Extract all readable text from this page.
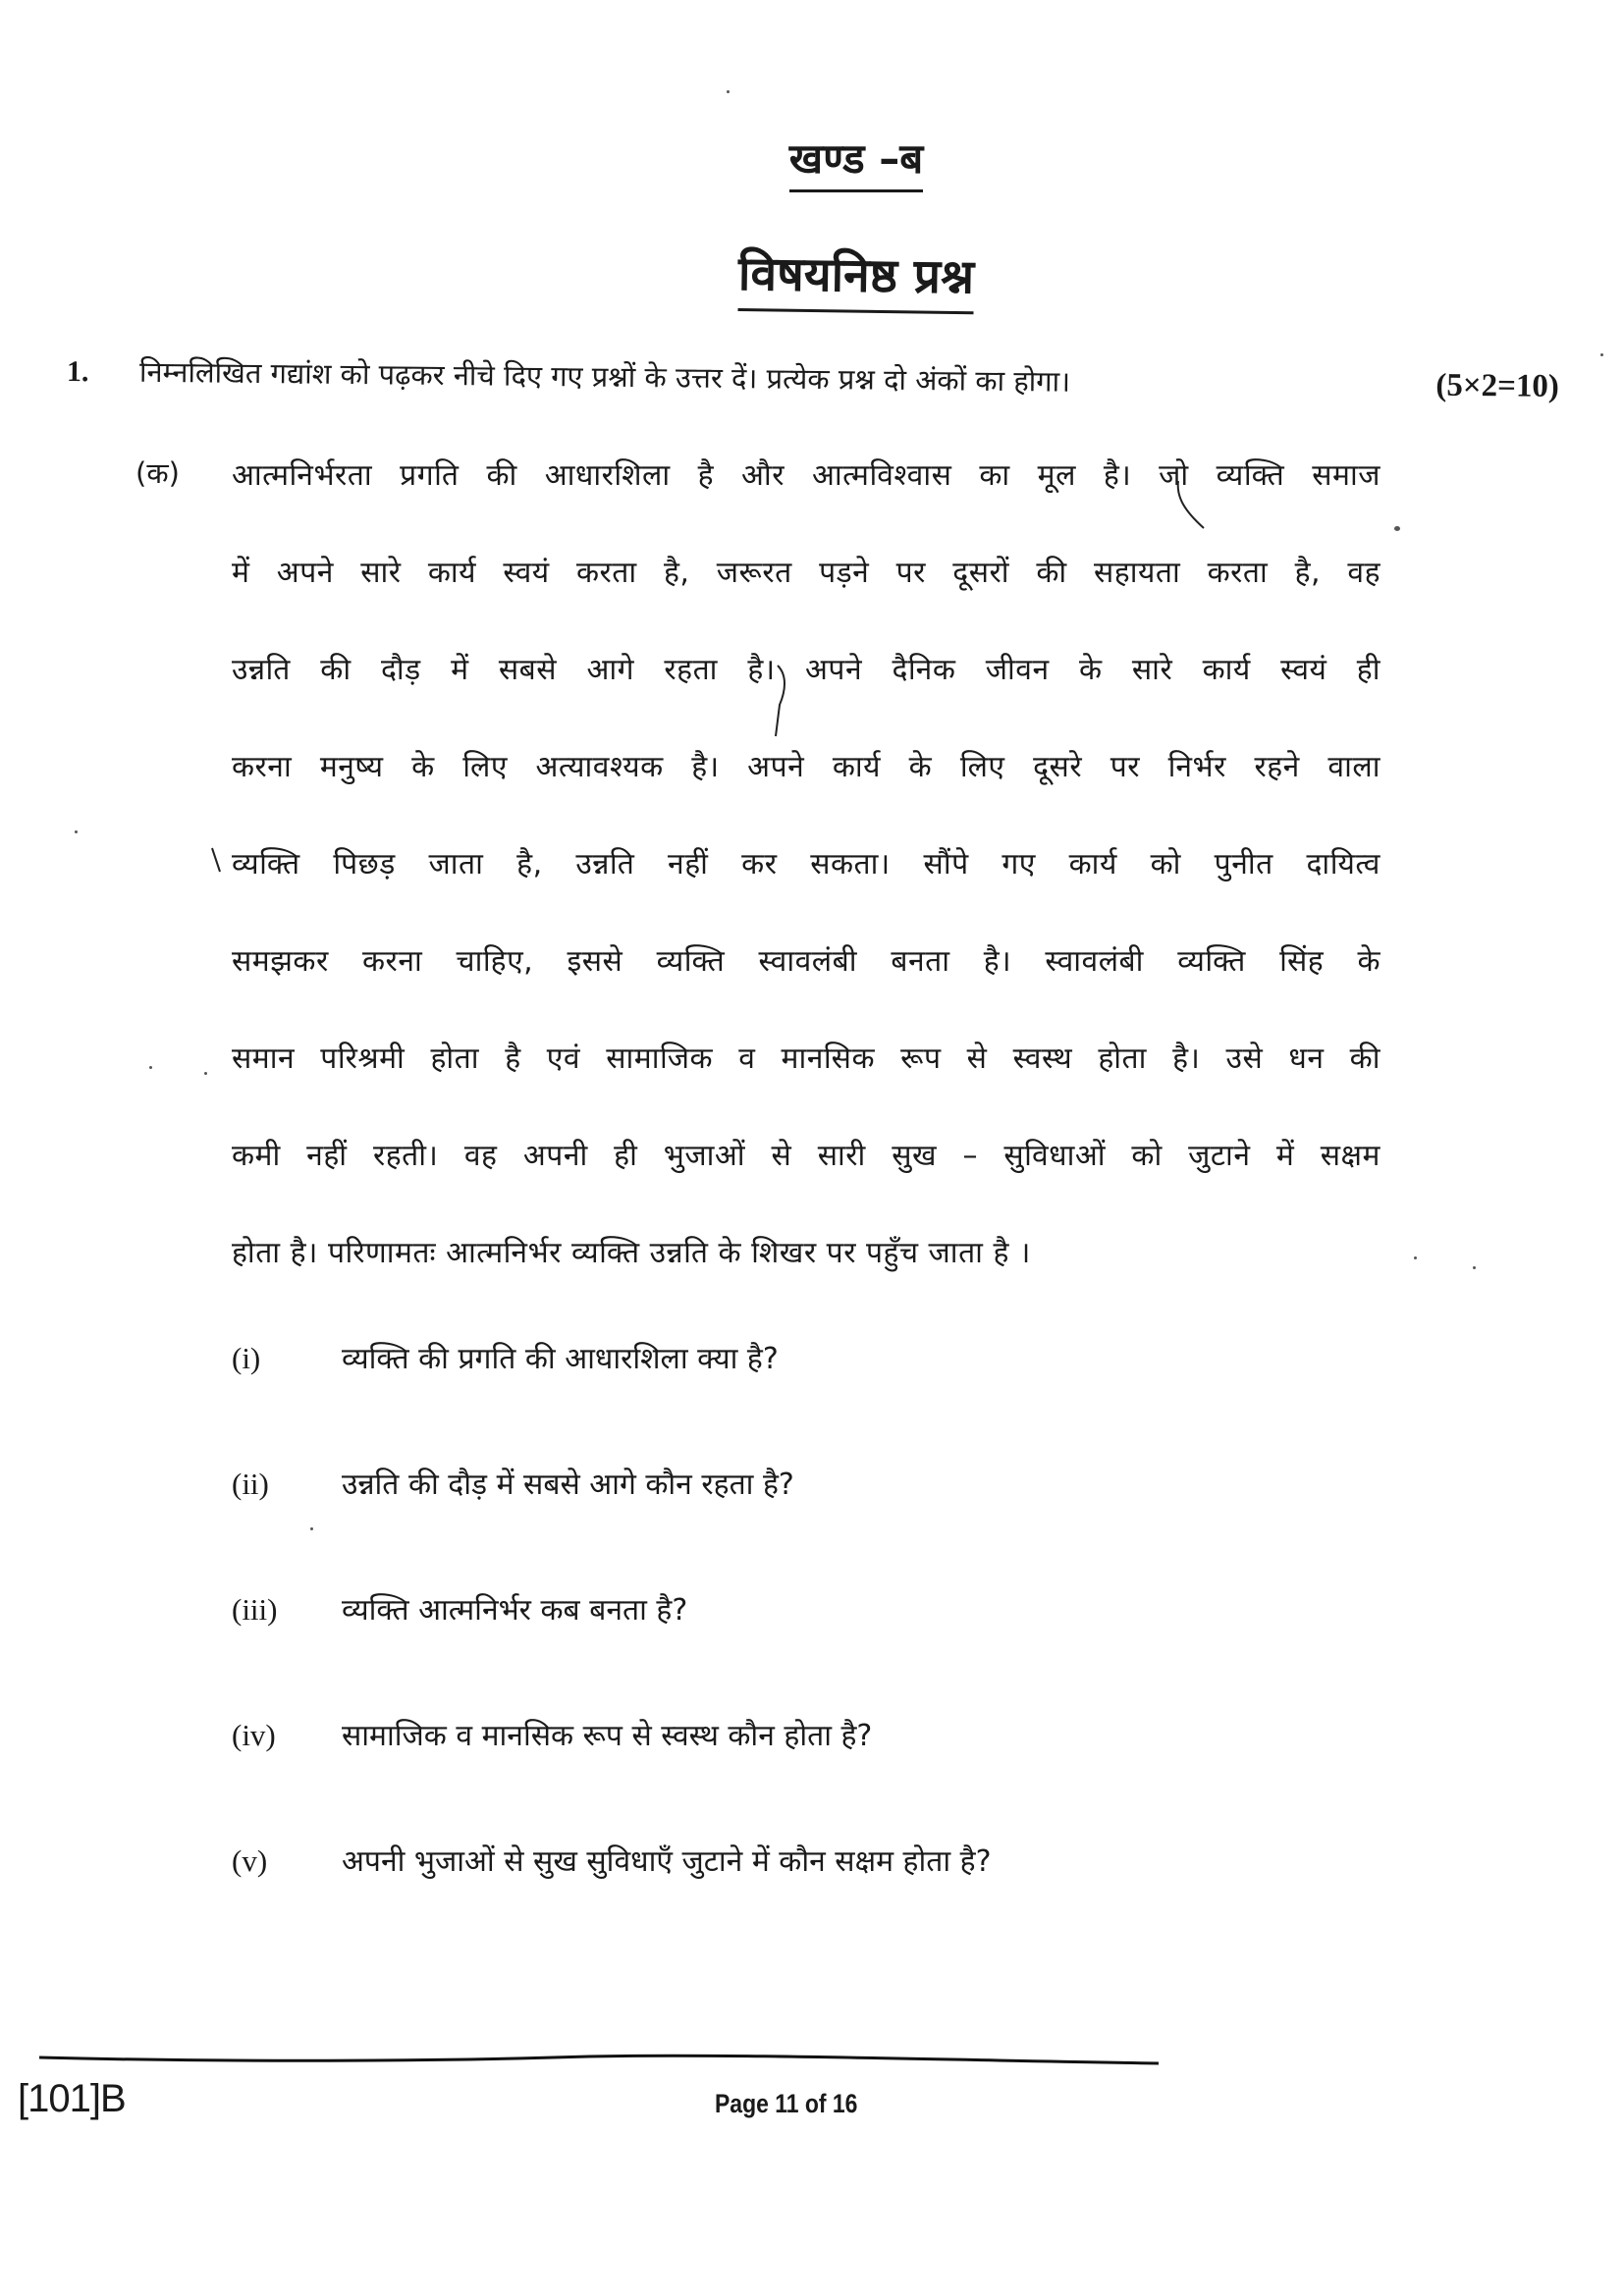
खण्ड –ब
विषयनिष्ठ प्रश्न
1.	निम्नलिखित गद्यांश को पढ़कर नीचे दिए गए प्रश्नों के उत्तर दें। प्रत्येक प्रश्न दो अंकों का होगा।	(5×2=10)
(क) आत्मनिर्भरता प्रगति की आधारशिला है और आत्मविश्वास का मूल है। जो व्यक्ति समाज
में अपने सारे कार्य स्वयं करता है, जरूरत पड़ने पर दूसरों की सहायता करता है, वह
उन्नति की दौड़ में सबसे आगे रहता है। अपने दैनिक जीवन के सारे कार्य स्वयं ही
करना मनुष्य के लिए अत्यावश्यक है। अपने कार्य के लिए दूसरे पर निर्भर रहने वाला
व्यक्ति पिछड़ जाता है, उन्नति नहीं कर सकता। सौंपे गए कार्य को पुनीत दायित्व
समझकर करना चाहिए, इससे व्यक्ति स्वावलंबी बनता है। स्वावलंबी व्यक्ति सिंह के
समान परिश्रमी होता है एवं सामाजिक व मानसिक रूप से स्वस्थ होता है। उसे धन की
कमी नहीं रहती। वह अपनी ही भुजाओं से सारी सुख – सुविधाओं को जुटाने में सक्षम
होता है। परिणामतः आत्मनिर्भर व्यक्ति उन्नति के शिखर पर पहुँच जाता है ।
(i)	व्यक्ति की प्रगति की आधारशिला क्या है?
(ii)	उन्नति की दौड़ में सबसे आगे कौन रहता है?
(iii)	व्यक्ति आत्मनिर्भर कब बनता है?
(iv)	सामाजिक व मानसिक रूप से स्वस्थ कौन होता है?
(v)	अपनी भुजाओं से सुख सुविधाएँ जुटाने में कौन सक्षम होता है?
[101]B	Page 11 of 16
